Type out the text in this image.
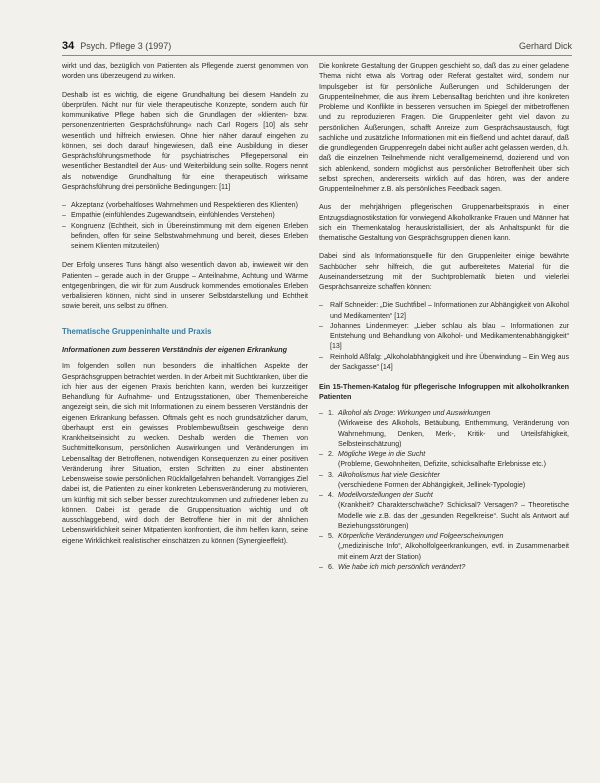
34 Psych. Pflege 3 (1997)	Gerhard Dick

wirkt und das, bezüglich von Patienten als Pflegende zuerst genommen von worden uns überzeugend zu wirken.

Deshalb ist es wichtig, die eigene Grundhaltung bei diesem Handeln zu überprüfen. Nicht nur für viele therapeutische Konzepte, sondern auch für kommunikative Pflege haben sich die Grundlagen der »klienten- bzw. personenzentrierten Gesprächsführung« nach Carl Rogers [10] als sehr wesentlich und hilfreich erwiesen. Ohne hier näher darauf eingehen zu können, sei doch darauf hingewiesen, daß eine Ausbildung in dieser Gesprächsführungsmethode für psychiatrisches Pflegepersonal ein wesentlicher Bestandteil der Aus- und Weiterbildung sein sollte. Rogers nennt als notwendige Grundhaltung für eine therapeutisch wirksame Gesprächsführung drei persönliche Bedingungen: [11]

– Akzeptanz (vorbehaltloses Wahrnehmen und Respektieren des Klienten)
– Empathie (einfühlendes Zugewandtsein, einfühlendes Verstehen)
– Kongruenz (Echtheit, sich in Übereinstimmung mit dem eigenen Erleben befinden, offen für seine Selbstwahrnehmung und bereit, dieses Erleben seinem Klienten mitzuteilen)

Der Erfolg unseres Tuns hängt also wesentlich davon ab, inwieweit wir den Patienten – gerade auch in der Gruppe – Anteilnahme, Achtung und Wärme entgegenbringen, die wir für zum Ausdruck kommendes emotionales Erleben verbalisieren können, nicht sind in unserer Selbstdarstellung und Echtheit sowie bereit, uns selbst zu öffnen.

Thematische Gruppeninhalte und Praxis
Informationen zum besseren Verständnis der eigenen Erkrankung

Im folgenden sollen nun besonders die inhaltlichen Aspekte der Gesprächsgruppen betrachtet werden. In der Arbeit mit Suchtkranken, über die ich hier aus der eigenen Praxis berichten kann, werden bei kurzzeitiger Behandlung für Aufnahme- und Entzugsstationen, über Themenbereiche angezeigt sein, die sich mit Informationen zu einem besseren Verständnis der eigenen Erkrankung befassen. Oftmals geht es noch grundsätzlicher darum, überhaupt erst ein gewisses Problembewußtsein geschweige denn Krankheitseinsicht zu wecken. Deshalb werden die Themen von Suchtmittelkonsum, persönlichen Auswirkungen und Veränderungen im Lebensalltag der Betroffenen, notwendigen Konsequenzen zu einer positiven Veränderung ihrer Situation, ersten Schritten zu einer abstinenten Lebensweise sowie persönlichen Rückfallgefahren behandelt. Vorrangiges Ziel dabei ist, die Patienten zu einer konkreten Lebensveränderung zu motivieren, um künftig mit sich selber besser zurechtzukommen und zufriedener leben zu können. Dabei ist gerade die Gruppensituation wichtig und oft ausschlaggebend, wird doch der Betroffene hier in mit der ähnlichen Lebenswirklichkeit seiner Mitpatienten konfrontiert, die ihm helfen kann, seine eigene Wirklichkeit realistischer einschätzen zu können (Synergieeffekt).

Die konkrete Gestaltung der Gruppen geschieht so, daß das zu einer geladene Thema nicht etwa als Vortrag oder Referat gestaltet wird, sondern nur Impulsgeber ist für persönliche Äußerungen und Schilderungen der Gruppenteilnehmer, die aus ihrem Lebensalltag berichten und ihre konkreten Probleme und Konflikte in besseren versuchen im Spiegel der mitbetroffenen und zu reproduzieren Fragen. Die Gruppenleiter geht viel davon zu persönlichen Äußerungen, schafft Anreize zum Gesprächsaustausch, fügt sachliche und zusätzliche Informationen mit ein fließend und achtet darauf, daß die grundlegenden Gruppenregeln dabei nicht außer acht gelassen werden, d.h. daß die einzelnen Teilnehmende nicht verallgemeinernd, dozierend und von sich ablenkend, sondern möglichst aus persönlicher Betroffenheit über sich selbst sprechen, andererseits wirklich auf das hören, was der andere Gruppenteilnehmer z.B. als persönliches Feedback sagen.

Aus der mehrjährigen pflegerischen Gruppenarbeitspraxis in einer Entzugsdiagnostikstation für vorwiegend Alkoholkranke Frauen und Männer hat sich ein Themenkatalog herauskristallisiert, der als Anhaltspunkt für die thematische Gestaltung von Gesprächsgruppen dienen kann.

Dabei sind als Informationsquelle für den Gruppenleiter einige bewährte Sachbücher sehr hilfreich, die gut aufbereitetes Material für die Auseinandersetzung mit der Suchtproblematik bieten und vielerlei Gesprächsanreize schaffen können:

– Ralf Schneider: „Die Suchtfibel – Informationen zur Abhängigkeit von Alkohol und Medikamenten“ [12]
– Johannes Lindenmeyer: „Lieber schlau als blau – Informationen zur Entstehung und Behandlung von Alkohol- und Medikamentenabhängigkeit“ [13]
– Reinhold Aßfalg: „Alkoholabhängigkeit und ihre Überwindung – Ein Weg aus der Sackgasse“ [14]
Ein 15-Themen-Katalog für pflegerische Infogruppen mit alkoholkranken Patienten
– 1. Alkohol als Droge: Wirkungen und Auswirkungen
(Wirkweise des Alkohols, Betäubung, Enthemmung, Veränderung von Wahrnehmung, Denken, Merk-, Kritik- und Urteilsfähigkeit, Selbsteinschätzung)
– 2. Mögliche Wege in die Sucht
(Probleme, Gewohnheiten, Defizite, schicksalhafte Erlebnisse etc.)
– 3. Alkoholismus hat viele Gesichter
(verschiedene Formen der Abhängigkeit, Jellinek-Typologie)
– 4. Modellvorstellungen der Sucht
(Krankheit? Charakterschwäche? Schicksal? Versagen? – Theoretische Modelle wie z.B. das der „gesunden Regelkreise“. Sucht als Antwort auf Beziehungsstörungen)
– 5. Körperliche Veränderungen und Folgeerscheinungen
(„medizinische Info“, Alkoholfolgeerkrankungen, evtl. in Zusammenarbeit mit einem Arzt der Station)
– 6. Wie habe ich mich persönlich verändert?
